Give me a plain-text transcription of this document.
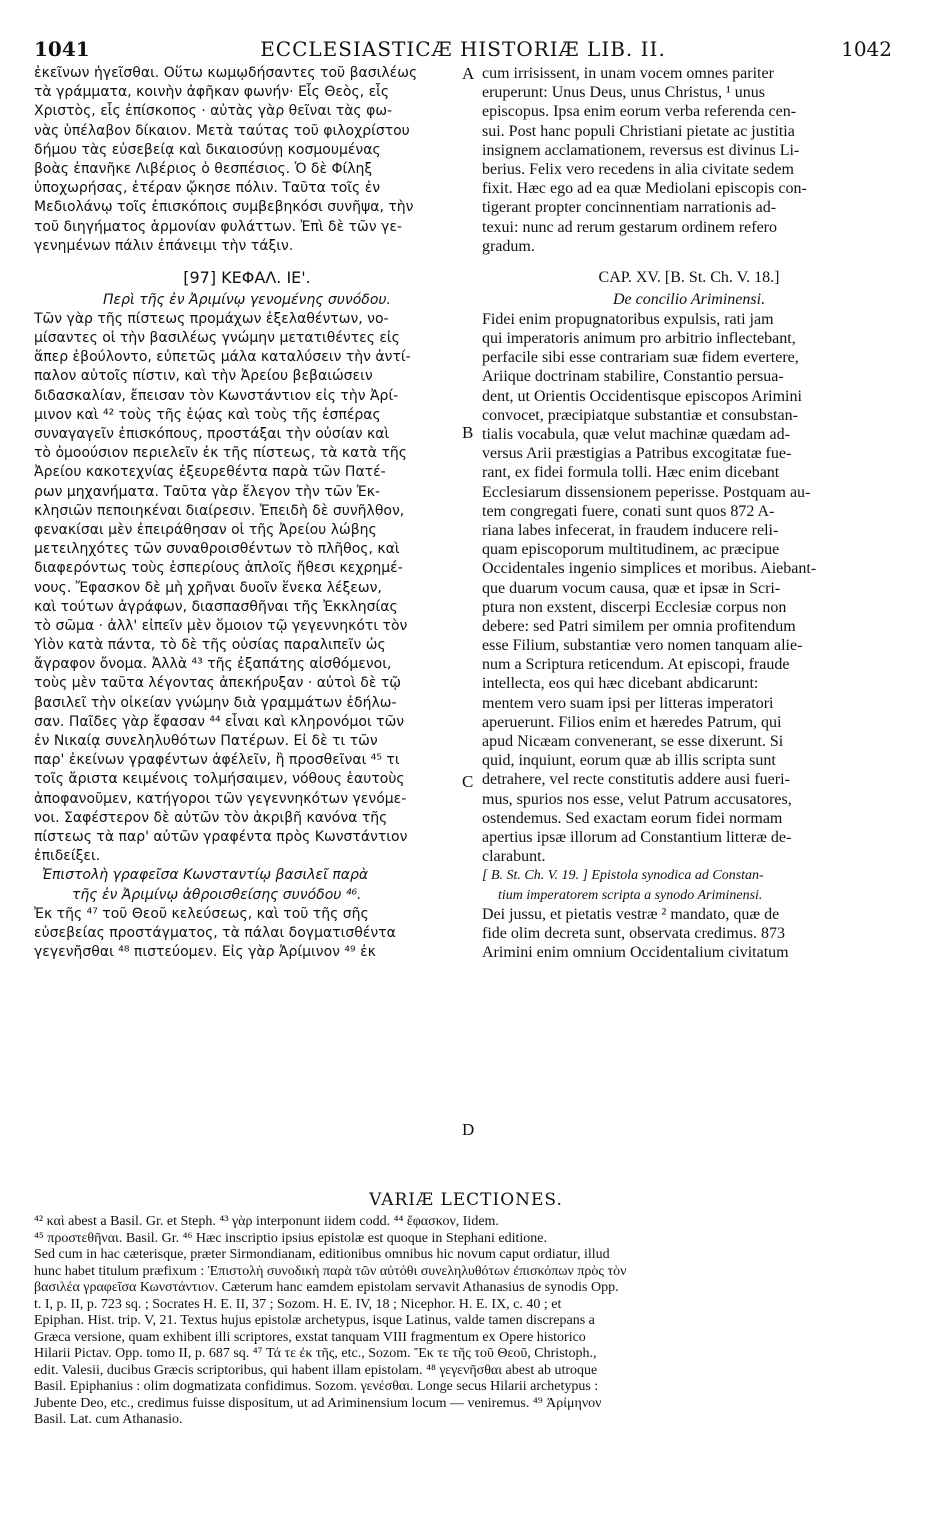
1041	ECCLESIASTICÆ HISTORIÆ LIB. II.	1042
ἐκεῖνων ἡγεῖσθαι. Οὕτω κωμῳδήσαντες τοῦ βασιλέως
τὰ γράμματα, κοινὴν ἀφῆκαν φωνήν· Εἷς Θεὸς, εἷς
Χριστὸς, εἷς ἐπίσκοπος · αὐτὰς γὰρ θεῖναι τὰς φω-
νὰς ὑπέλαβον δίκαιον. Μετὰ ταύτας τοῦ φιλοχρίστου
δήμου τὰς εὐσεβείᾳ καὶ δικαιοσύνῃ κοσμουμένας
βοὰς ἐπανῆκε Λιβέριος ὁ θεσπέσιος. Ὁ δὲ Φίληξ
ὑποχωρήσας, ἑτέραν ᾤκησε πόλιν. Ταῦτα τοῖς ἐν
Μεδιολάνῳ τοῖς ἐπισκόποις συμβεβηκόσι συνῆψα, τὴν
τοῦ διηγήματος ἁρμονίαν φυλάττων. Ἐπὶ δὲ τῶν γε-
γενημένων πάλιν ἐπάνειμι τὴν τάξιν.
[97] ΚΕΦΑΛ. ΙΕ'.
Περὶ τῆς ἐν Ἀριμίνῳ γενομένης συνόδου.
Τῶν γὰρ τῆς πίστεως προμάχων ἐξελαθέντων, νο-
μίσαντες οἱ τὴν βασιλέως γνώμην μετατιθέντες εἰς
ἅπερ ἐβούλοντο, εὐπετῶς μάλα καταλύσειν τὴν ἀντί-
παλον αὐτοῖς πίστιν, καὶ τὴν Ἀρείου βεβαιώσειν
διδασκαλίαν, ἔπεισαν τὸν Κωνστάντιον εἰς τὴν Ἀρί-
μινον καὶ ⁴² τοὺς τῆς ἑῴας καὶ τοὺς τῆς ἑσπέρας
συναγαγεῖν ἐπισκόπους, προστάξαι τὴν οὐσίαν καὶ
τὸ ὁμοούσιον περιελεῖν ἐκ τῆς πίστεως, τὰ κατὰ τῆς
Ἀρείου κακοτεχνίας ἐξευρεθέντα παρὰ τῶν Πατέ-
ρων μηχανήματα. Ταῦτα γὰρ ἔλεγον τὴν τῶν Ἐκ-
κλησιῶν πεποιηκέναι διαίρεσιν. Ἐπειδὴ δὲ συνῆλθον,
φενακίσαι μὲν ἐπειράθησαν οἱ τῆς Ἀρείου λώβης
μετειληχότες τῶν συναθροισθέντων τὸ πλῆθος, καὶ
διαφερόντως τοὺς ἑσπερίους ἁπλοῖς ἤθεσι κεχρημέ-
νους. Ἔφασκον δὲ μὴ χρῆναι δυοῖν ἕνεκα λέξεων,
καὶ τούτων ἀγράφων, διασπασθῆναι τῆς Ἐκκλησίας
τὸ σῶμα · ἀλλ' εἰπεῖν μὲν ὅμοιον τῷ γεγεννηκότι τὸν
Υἱὸν κατὰ πάντα, τὸ δὲ τῆς οὐσίας παραλιπεῖν ὡς
ἄγραφον ὄνομα. Ἀλλὰ ⁴³ τῆς ἐξαπάτης αἰσθόμενοι,
τοὺς μὲν ταῦτα λέγοντας ἀπεκήρυξαν · αὐτοὶ δὲ τῷ
βασιλεῖ τὴν οἰκείαν γνώμην διὰ γραμμάτων ἐδήλω-
σαν. Παῖδες γὰρ ἔφασαν ⁴⁴ εἶναι καὶ κληρονόμοι τῶν
ἐν Νικαίᾳ συνεληλυθότων Πατέρων. Εἰ δὲ τι τῶν
παρ' ἐκείνων γραφέντων ἀφέλεῖν, ἢ προσθεῖναι ⁴⁵ τι
τοῖς ἄριστα κειμένοις τολμήσαιμεν, νόθους ἑαυτοὺς
ἀποφανοῦμεν, κατήγοροι τῶν γεγεννηκότων γενόμε-
νοι. Σαφέστερον δὲ αὐτῶν τὸν ἀκριβῆ κανόνα τῆς
πίστεως τὰ παρ' αὐτῶν γραφέντα πρὸς Κωνστάντιον
ἐπιδείξει.
Ἐπιστολὴ γραφεῖσα Κωνσταντίῳ βασιλεῖ παρὰ
τῆς ἐν Ἀριμίνῳ ἀθροισθείσης συνόδου ⁴⁶.
Ἐκ τῆς ⁴⁷ τοῦ Θεοῦ κελεύσεως, καὶ τοῦ τῆς σῆς
εὐσεβείας προστάγματος, τὰ πάλαι δογματισθέντα
γεγενῆσθαι ⁴⁸ πιστεύομεν. Εἰς γὰρ Ἀρίμινον ⁴⁹ ἐκ
cum irrisissent, in unam vocem omnes pariter
eruperunt: Unus Deus, unus Christus, ¹ unus
episcopus. Ipsa enim eorum verba referenda cen-
sui. Post hanc populi Christiani pietate ac justitia
insignem acclamationem, reversus est divinus Li-
berius. Felix vero recedens in alia civitate sedem
fixit. Hæc ego ad ea quæ Mediolani episcopis con-
tigerant propter concinnentiam narrationis ad-
texui: nunc ad rerum gestarum ordinem refero
gradum.
CAP. XV. [B. St. Ch. V. 18.]
De concilio Ariminensi.
Fidei enim propugnatoribus expulsis, rati jam
qui imperatoris animum pro arbitrio inflectebant,
perfacile sibi esse contrariam suæ fidem evertere,
Ariique doctrinam stabilire, Constantio persua-
dent, ut Orientis Occidentisque episcopos Arimini
convocet, præcipiatque substantiæ et consubstan-
tialis vocabula, quæ velut machinæ quædam ad-
versus Arii præstigias a Patribus excogitatæ fue-
rant, ex fidei formula tolli. Hæc enim dicebant
Ecclesiarum dissensionem peperisse. Postquam au-
tem congregati fuere, conati sunt quos 872 A-
riana labes infecerat, in fraudem inducere reli-
quam episcoporum multitudinem, ac præcipue
Occidentales ingenio simplices et moribus. Aiebant-
que duarum vocum causa, quæ et ipsæ in Scri-
ptura non exstent, discerpi Ecclesiæ corpus non
debere: sed Patri similem per omnia profitendum
esse Filium, substantiæ vero nomen tanquam alie-
num a Scriptura reticendum. At episcopi, fraude
intellecta, eos qui hæc dicebant abdicarunt:
mentem vero suam ipsi per litteras imperatori
aperuerunt. Filios enim et hæredes Patrum, qui
apud Nicæam convenerant, se esse dixerunt. Si
quid, inquiunt, eorum quæ ab illis scripta sunt
detrahere, vel recte constitutis addere ausi fueri-
mus, spurios nos esse, velut Patrum accusatores,
ostendemus. Sed exactam eorum fidei normam
apertius ipsæ illorum ad Constantium litteræ de-
clarabunt.
[ B. St. Ch. V. 19. ] Epistola synodica ad Constan-
tium imperatorem scripta a synodo Ariminensi.
Dei jussu, et pietatis vestræ ² mandato, quæ de
fide olim decreta sunt, observata credimus. 873
Arimini enim omnium Occidentalium civitatum
A
B
C
D
VARIÆ LECTIONES.
⁴² καὶ abest a Basil. Gr. et Steph. ⁴³ γὰρ interponunt iidem codd. ⁴⁴ ἔφασκον, Iidem.
⁴⁵ προστεθῆναι. Basil. Gr. ⁴⁶ Hæc inscriptio ipsius epistolæ est quoque in Stephani editione.
Sed cum in hac cæterisque, præter Sirmondianam, editionibus omnibus hic novum caput ordiatur, illud
hunc habet titulum præfixum : Ἐπιστολὴ συνοδικὴ παρὰ τῶν αὐτόθι συνεληλυθότων ἐπισκόπων πρὸς τὸν
βασιλέα γραφεῖσα Κωνστάντιον. Cæterum hanc eamdem epistolam servavit Athanasius de synodis Opp.
t. I, p. II, p. 723 sq. ; Socrates H. E. II, 37 ; Sozom. H. E. IV, 18 ; Nicephor. H. E. IX, c. 40 ; et
Epiphan. Hist. trip. V, 21. Textus hujus epistolæ archetypus, isque Latinus, valde tamen discrepans a
Græca versione, quam exhibent illi scriptores, exstat tanquam VIII fragmentum ex Opere historico
Hilarii Pictav. Opp. tomo II, p. 687 sq. ⁴⁷ Τά τε ἐκ τῆς, etc., Sozom. Ἔκ τε τῆς τοῦ Θεοῦ, Christoph.,
edit. Valesii, ducibus Græcis scriptoribus, qui habent illam epistolam. ⁴⁸ γεγενῆσθαι abest ab utroque
Basil. Epiphanius : olim dogmatizata confidimus. Sozom. γενέσθαι. Longe secus Hilarii archetypus :
Jubente Deo, etc., credimus fuisse dispositum, ut ad Ariminensium locum — veniremus. ⁴⁹ Ἀρίμηνον
Basil. Lat. cum Athanasio.
